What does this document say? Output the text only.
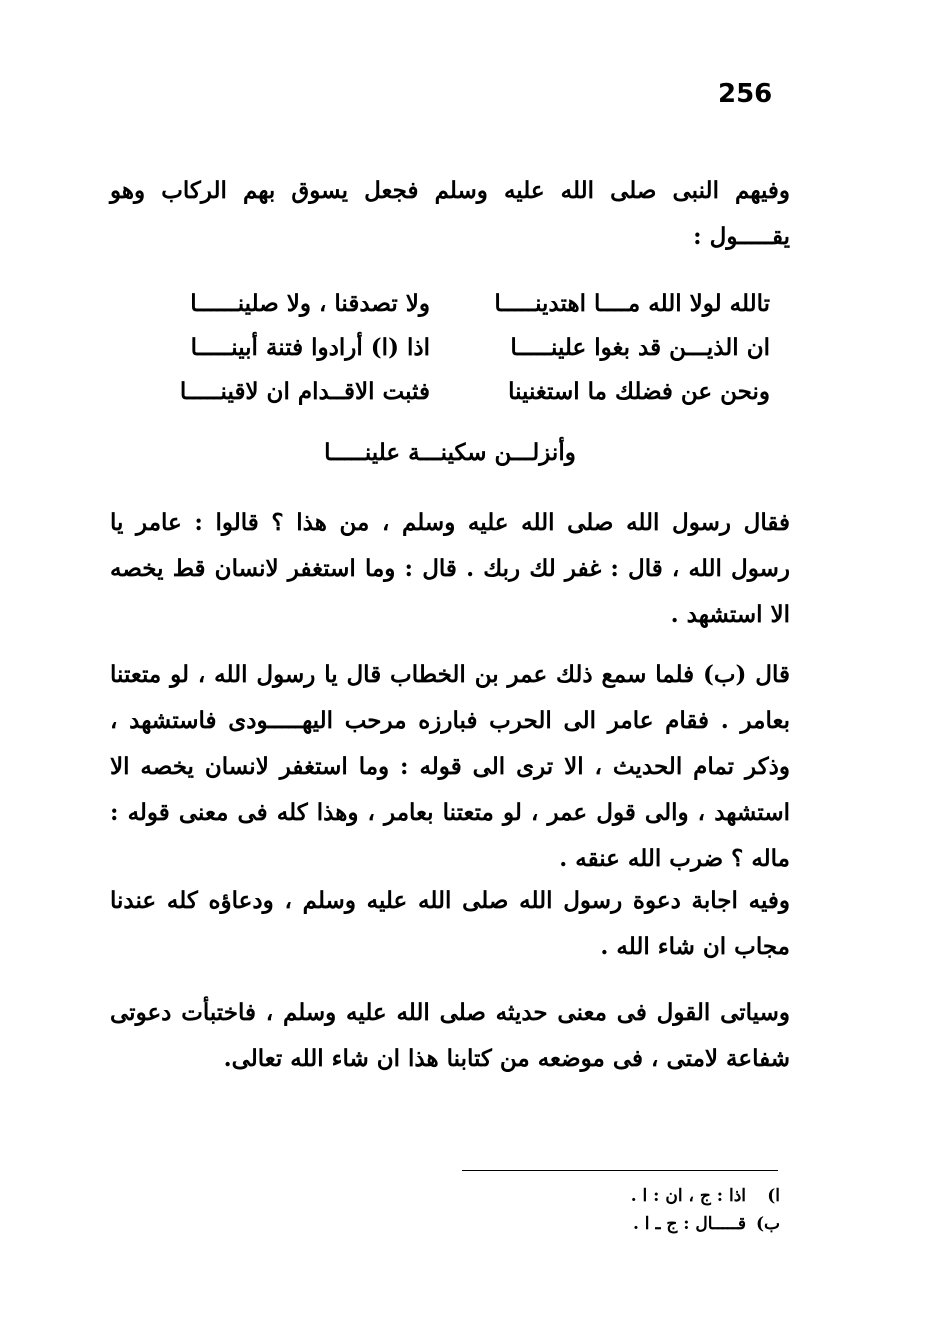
256

وفيهم النبى صلى الله عليه وسلم فجعل يسوق بهم الركاب وهو يقـــــول :

تالله لولا الله مــــا اهتدينـــــا
ولا تصدقنا ، ولا صلينــــــا
ان الذيـــن قد بغوا علينـــــا
اذا (ا) أرادوا فتنة أبينـــــا
ونحن عن فضلك ما استغنينا
فثبت الاقــدام ان لاقينـــــا
وأنزلـــن سكينـــة علينـــــا

فقال رسول الله صلى الله عليه وسلم ، من هذا ؟ قالوا : عامر يا رسول الله ، قال : غفر لك ربك . قال : وما استغفر لانسان قط يخصه الا استشهد .

قال (ب) فلما سمع ذلك عمر بن الخطاب قال يا رسول الله ، لو متعتنا بعامر . فقام عامر الى الحرب فبارزه مرحب اليهـــــودى فاستشهد ، وذكر تمام الحديث ، الا ترى الى قوله : وما استغفر لانسان يخصه الا استشهد ، والى قول عمر ، لو متعتنا بعامر ، وهذا كله فى معنى قوله : ماله ؟ ضرب الله عنقه .

وفيه اجابة دعوة رسول الله صلى الله عليه وسلم ، ودعاؤه كله عندنا مجاب ان شاء الله .

وسياتى القول فى معنى حديثه صلى الله عليه وسلم ، فاختبأت دعوتى شفاعة لامتى ، فى موضعه من كتابنا هذا ان شاء الله تعالى.

ا)
اذا : ج ، ان : ا .
ب)
قـــــال : ج ـ ا .
